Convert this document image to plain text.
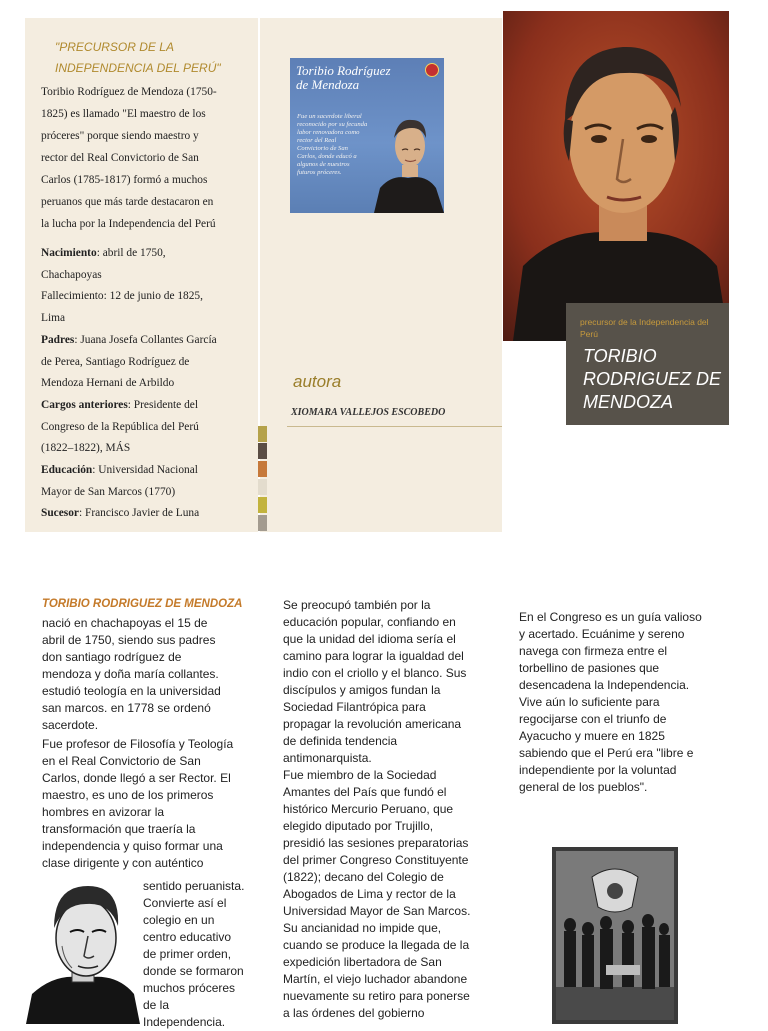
"PRECURSOR DE LA
INDEPENDENCIA DEL PERÚ"
Toribio Rodríguez de Mendoza (1750-
1825) es llamado "El maestro de los
próceres" porque siendo maestro y
rector del Real Convictorio de San
Carlos (1785-1817) formó a muchos
peruanos que más tarde destacaron en
la lucha por la Independencia del Perú
Nacimiento: abril de 1750,
Chachapoyas
Fallecimiento: 12 de junio de 1825,
Lima
Padres: Juana Josefa Collantes García
de Perea, Santiago Rodríguez de
Mendoza Hernani de Arbildo
Cargos anteriores: Presidente del
Congreso de la República del Perú
(1822–1822), MÁS
Educación: Universidad Nacional
Mayor de San Marcos (1770)
Sucesor: Francisco Javier de Luna
Toribio Rodríguez
de Mendoza
Fue un sacerdote liberal reconocido por su fecunda labor renovadora como rector del Real Convictorio de San Carlos, donde educó a algunos de nuestros futuros próceres.
autora
XIOMARA VALLEJOS ESCOBEDO
precursor de la Independencia del Perú
TORIBIO
RODRIGUEZ DE
MENDOZA
TORIBIO RODRIGUEZ DE MENDOZA
nació en chachapoyas el 15 de
abril de 1750, siendo sus padres
don santiago rodríguez de
mendoza y doña maría collantes.
estudió teología en la universidad
san marcos. en 1778 se ordenó
sacerdote.
Fue profesor de Filosofía y Teología
en el Real Convictorio de San
Carlos, donde llegó a ser Rector. El
maestro, es uno de los primeros
hombres en avizorar la
transformación que traería la
independencia y quiso formar una
clase dirigente y con auténtico
sentido peruanista.
Convierte así el
colegio en un
centro educativo
de primer orden,
donde se formaron
muchos próceres
de la
Independencia.
Se preocupó también por la
educación popular, confiando en
que la unidad del idioma sería el
camino para lograr la igualdad del
indio con el criollo y el blanco. Sus
discípulos y amigos fundan la
Sociedad Filantrópica para
propagar la revolución americana
de definida tendencia
antimonarquista.
Fue miembro de la Sociedad
Amantes del País que fundó el
histórico Mercurio Peruano, que
elegido diputado por Trujillo,
presidió las sesiones preparatorias
del primer Congreso Constituyente
(1822); decano del Colegio de
Abogados de Lima y rector de la
Universidad Mayor de San Marcos.
Su ancianidad no impide que,
cuando se produce la llegada de la
expedición libertadora de San
Martín, el viejo luchador abandone
nuevamente su retiro para ponerse
a las órdenes del gobierno
En el Congreso es un guía valioso
y acertado. Ecuánime y sereno
navega con firmeza entre el
torbellino de pasiones que
desencadena la Independencia.
Vive aún lo suficiente para
regocijarse con el triunfo de
Ayacucho y muere en 1825
sabiendo que el Perú era "libre e
independiente por la voluntad
general de los pueblos".
